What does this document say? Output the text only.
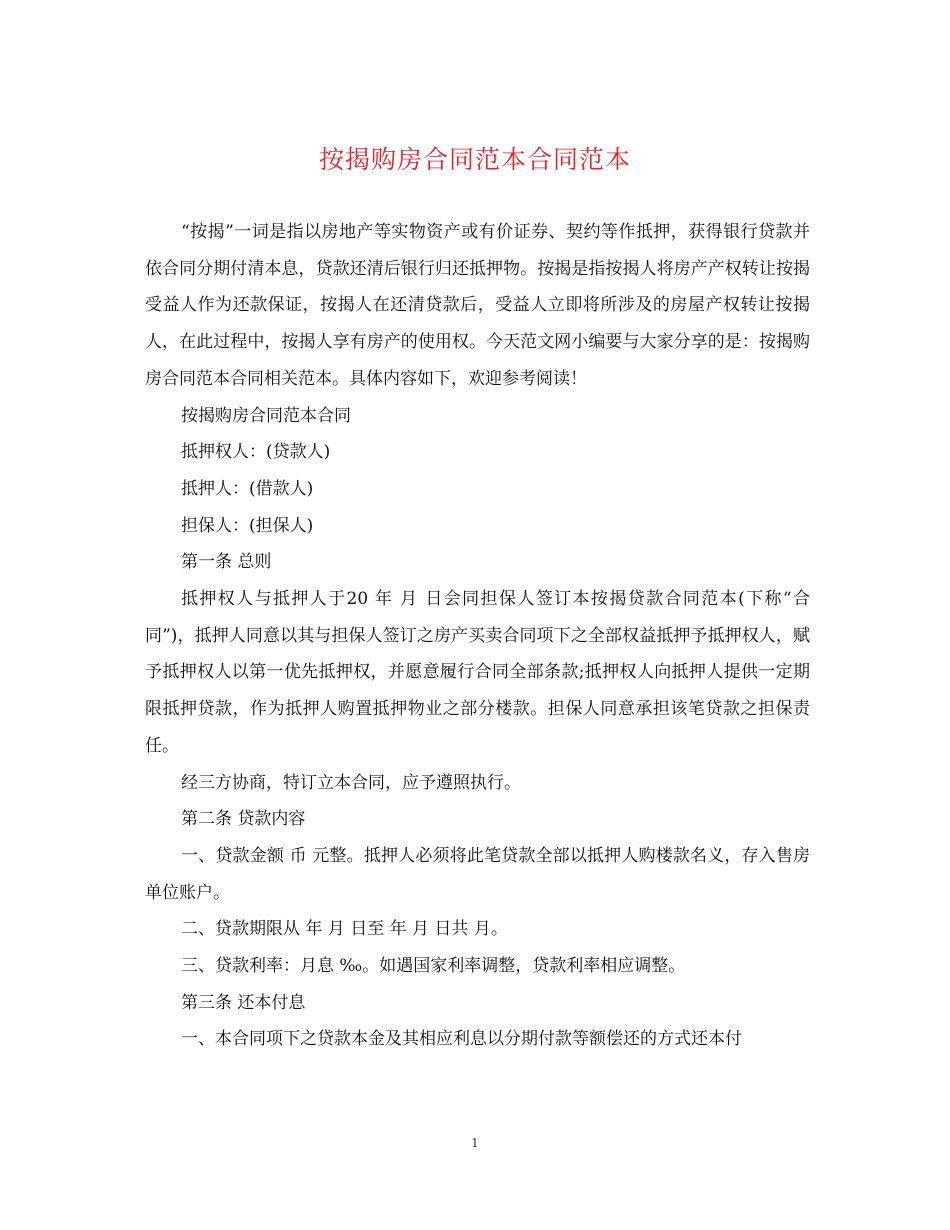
按揭购房合同范本合同范本

“按揭”一词是指以房地产等实物资产或有价证券、契约等作抵押，获得银行贷款并依合同分期付清本息，贷款还清后银行归还抵押物。按揭是指按揭人将房产产权转让按揭受益人作为还款保证，按揭人在还清贷款后，受益人立即将所涉及的房屋产权转让按揭人，在此过程中，按揭人享有房产的使用权。今天范文网小编要与大家分享的是：按揭购房合同范本合同相关范本。具体内容如下，欢迎参考阅读！

按揭购房合同范本合同

抵押权人：(贷款人)

抵押人：(借款人)

担保人：(担保人)

第一条 总则

抵押权人与抵押人于20 年 月 日会同担保人签订本按揭贷款合同范本(下称“合同”)，抵押人同意以其与担保人签订之房产买卖合同项下之全部权益抵押予抵押权人，赋予抵押权人以第一优先抵押权，并愿意履行合同全部条款;抵押权人向抵押人提供一定期限抵押贷款，作为抵押人购置抵押物业之部分楼款。担保人同意承担该笔贷款之担保责任。

经三方协商，特订立本合同，应予遵照执行。

第二条 贷款内容

一、贷款金额 币 元整。抵押人必须将此笔贷款全部以抵押人购楼款名义，存入售房单位账户。

二、贷款期限从 年 月 日至 年 月 日共 月。

三、贷款利率：月息 ‰。如遇国家利率调整，贷款利率相应调整。

第三条 还本付息

一、本合同项下之贷款本金及其相应利息以分期付款等额偿还的方式还本付

1
